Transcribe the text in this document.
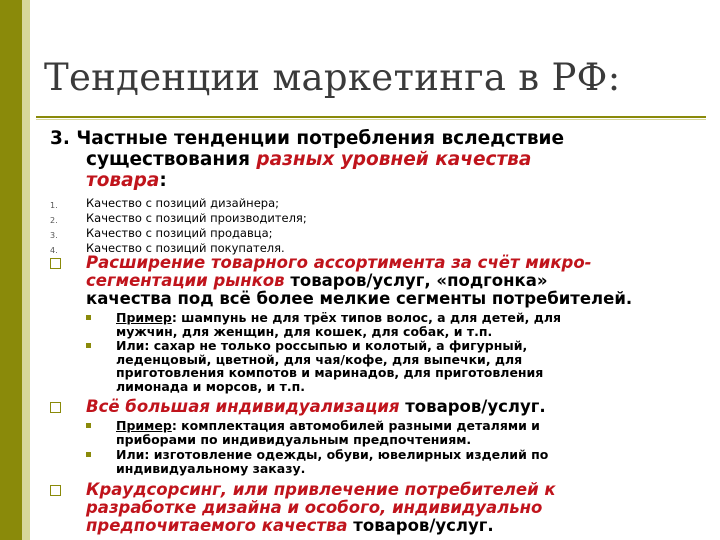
Тенденции маркетинга в РФ:
3. Частные тенденции потребления вследствие
существования разных уровней качества
товара:
1. Качество с позиций дизайнера;
2. Качество с позиций производителя;
3. Качество с позиций продавца;
4. Качество с позиций покупателя.
Расширение товарного ассортимента за счёт микро-
сегментации рынков товаров/услуг, «подгонка»
качества под всё более мелкие сегменты потребителей.
Пример: шампунь не для трёх типов волос, а для детей, для
мужчин, для женщин, для кошек, для собак, и т.п.
Или: сахар не только россыпью и колотый, а фигурный,
леденцовый, цветной, для чая/кофе, для выпечки, для
приготовления компотов и маринадов, для приготовления
лимонада и морсов, и т.п.
Всё большая индивидуализация товаров/услуг.
Пример: комплектация автомобилей разными деталями и
приборами по индивидуальным предпочтениям.
Или: изготовление одежды, обуви, ювелирных изделий по
индивидуальному заказу.
Краудсорсинг, или привлечение потребителей к
разработке дизайна и особого, индивидуально
предпочитаемого качества товаров/услуг.
